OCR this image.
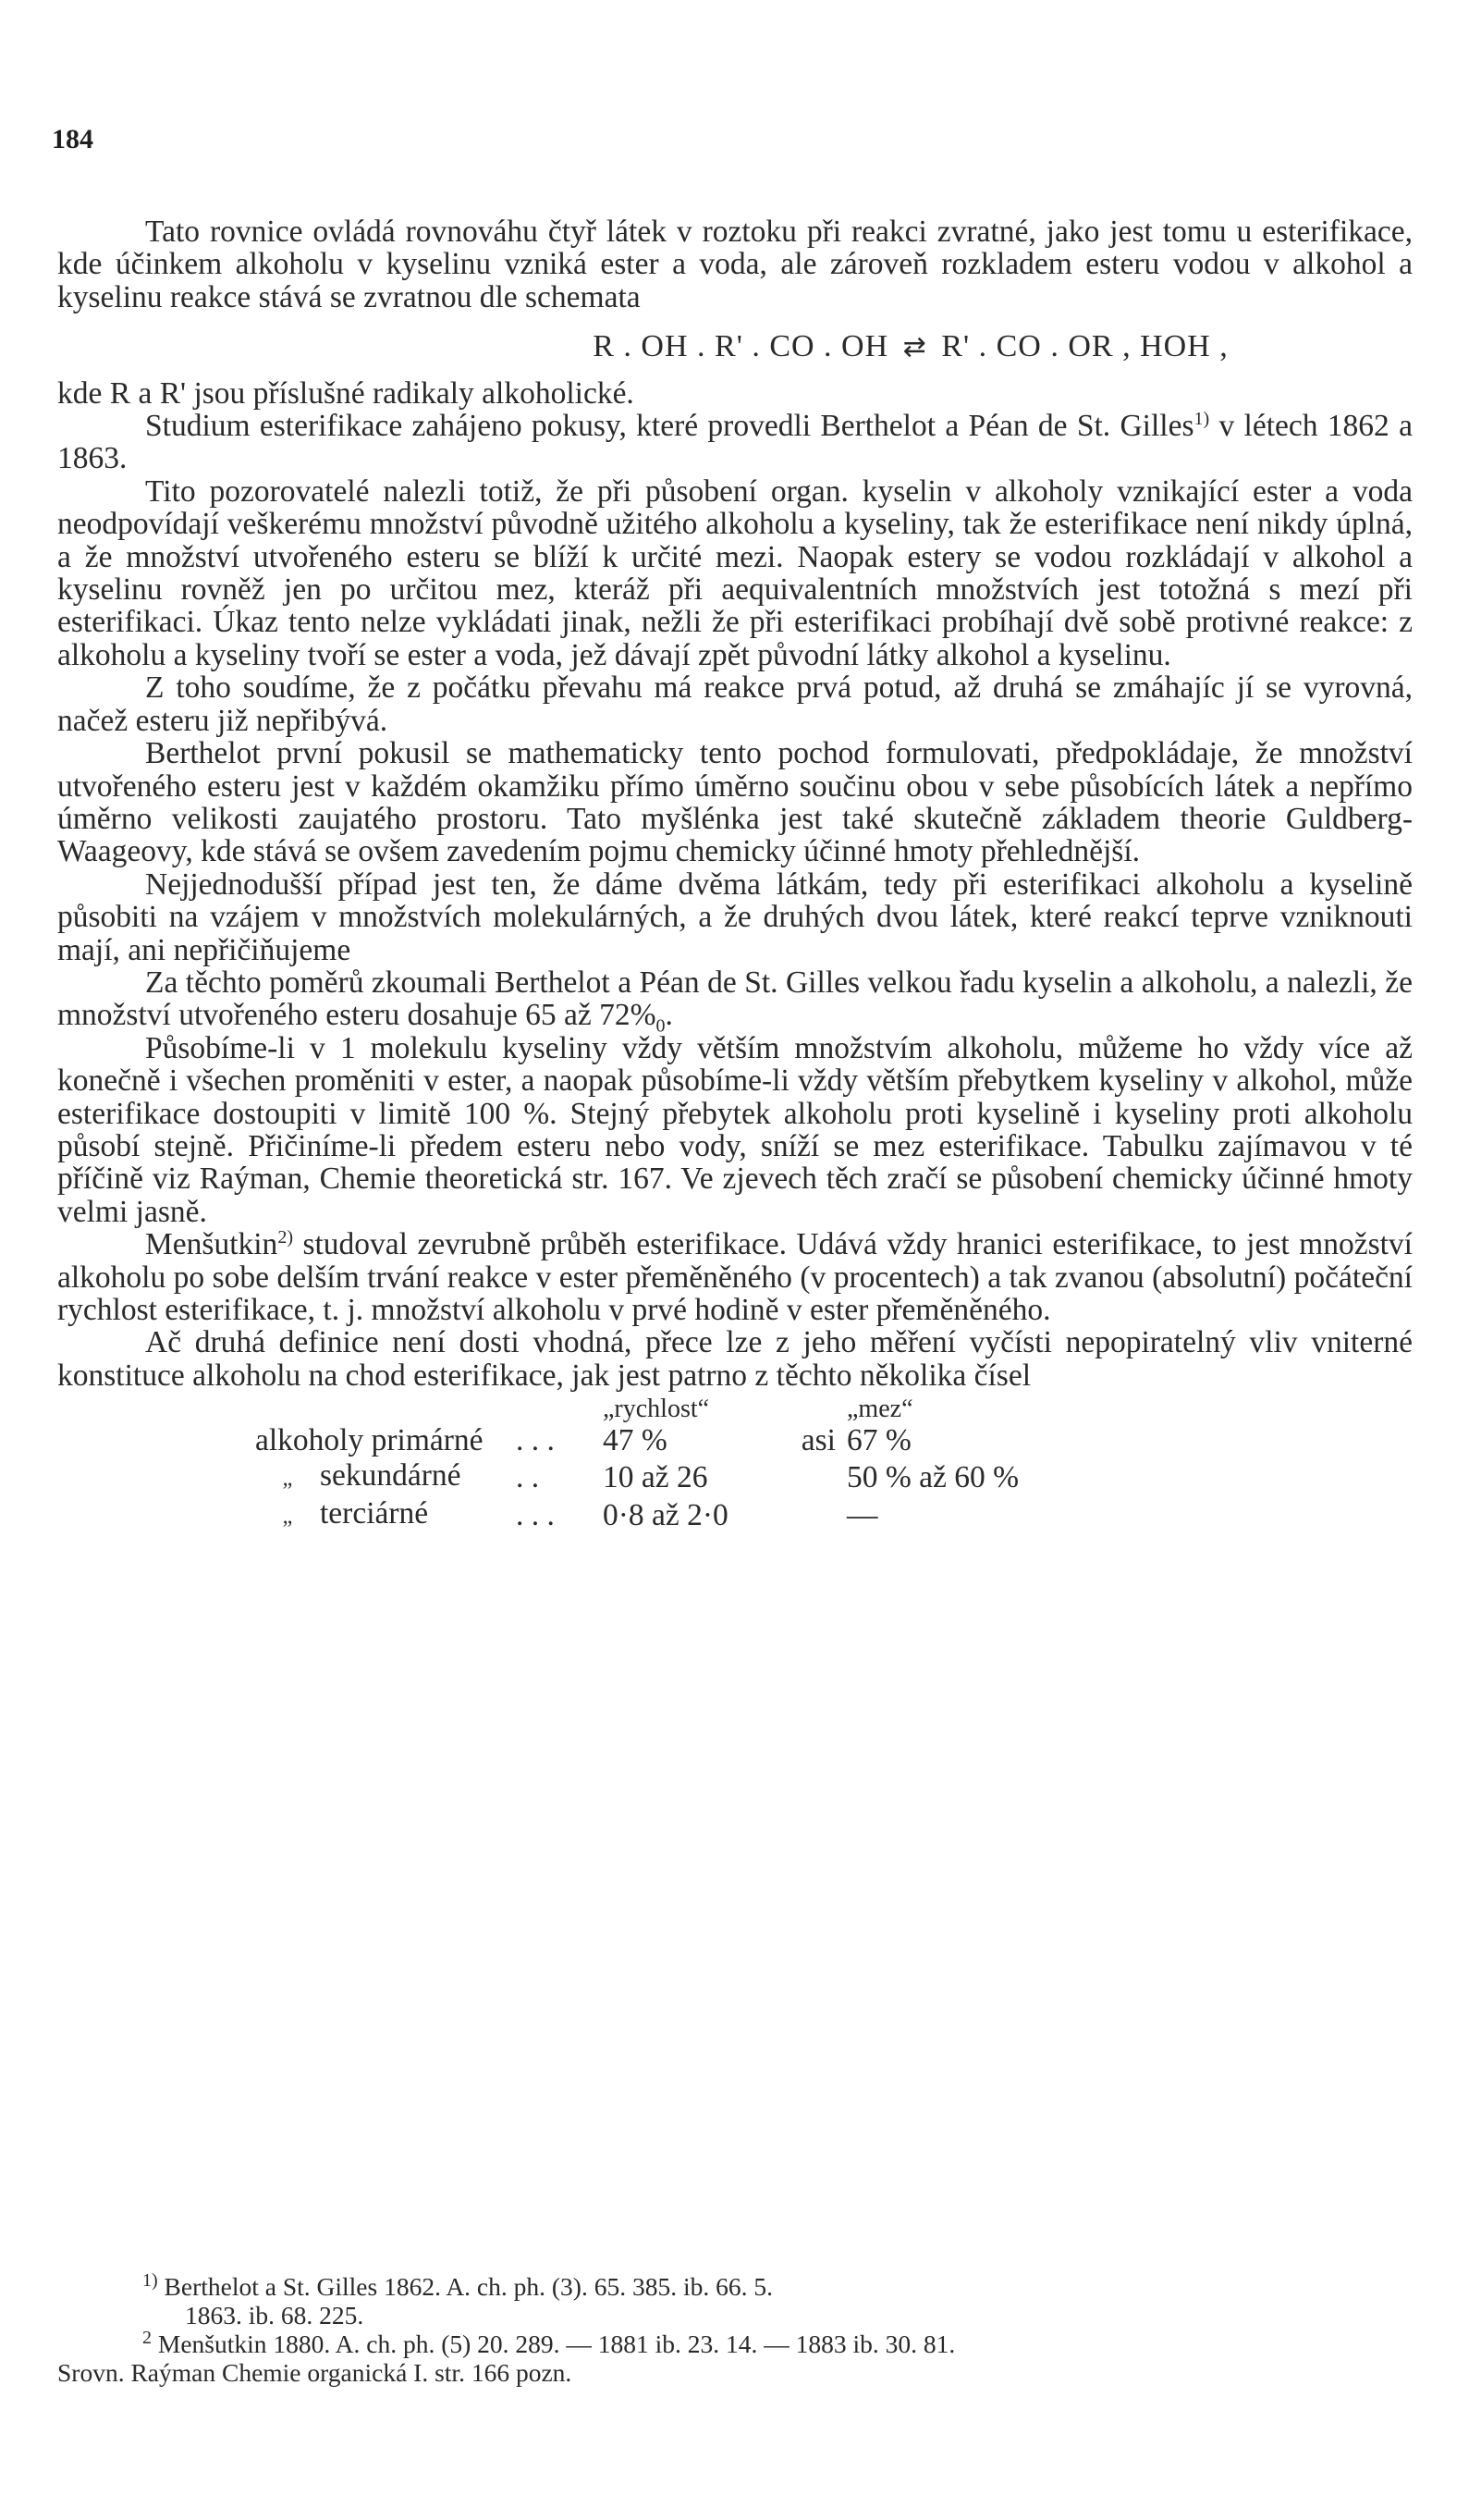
184

Tato rovnice ovládá rovnováhu čtyř látek v roztoku při reakci zvratné, jako jest tomu u esterifikace, kde účinkem alkoholu v kyselinu vzniká ester a voda, ale zároveň rozkladem esteru vodou v alkohol a kyselinu reakce stává se zvratnou dle schemata

R . OH . R' . CO . OH ⇄ R' . CO . OR , HOH ,

kde R a R' jsou příslušné radikaly alkoholické.

Studium esterifikace zahájeno pokusy, které provedli Berthelot a Péan de St. Gilles$^{1)}$ v létech 1862 a 1863.

Tito pozorovatelé nalezli totiž, že při působení organ. kyselin v alkoholy vznikající ester a voda neodpovídají veškerému množství původně užitého alkoholu a kyseliny, tak že esterifikace není nikdy úplná, a že množství utvořeného esteru se blíží k určité mezi. Naopak estery se vodou rozkládají v alkohol a kyselinu rovněž jen po určitou mez, kteráž při aequivalentních množstvích jest totožná s mezí při esterifikaci. Úkaz tento nelze vykládati jinak, nežli že při esterifikaci probíhají dvě sobě protivné reakce: z alkoholu a kyseliny tvoří se ester a voda, jež dávají zpět původní látky alkohol a kyselinu.

Z toho soudíme, že z počátku převahu má reakce prvá potud, až druhá se zmáhajíc jí se vyrovná, načež esteru již nepřibývá.

Berthelot první pokusil se mathematicky tento pochod formulovati, předpokládaje, že množství utvořeného esteru jest v každém okamžiku přímo úměrno součinu obou v sebe působících látek a nepřímo úměrno velikosti zaujatého prostoru. Tato myšlénka jest také skutečně základem theorie Guldberg-Waageovy, kde stává se ovšem zavedením pojmu chemicky účinné hmoty přehlednější.

Nejjednodušší případ jest ten, že dáme dvěma látkám, tedy při esterifikaci alkoholu a kyselině působiti na vzájem v množstvích molekulárných, a že druhých dvou látek, které reakcí teprve vzniknouti mají, ani nepřičiňujeme

Za těchto poměrů zkoumali Berthelot a Péan de St. Gilles velkou řadu kyselin a alkoholu, a nalezli, že množství utvořeného esteru dosahuje 65 až $72\%_0$.

Působíme-li v 1 molekulu kyseliny vždy větším množstvím alkoholu, můžeme ho vždy více až konečně i všechen proměniti v ester, a naopak působíme-li vždy větším přebytkem kyseliny v alkohol, může esterifikace dostoupiti v limitě 100 %. Stejný přebytek alkoholu proti kyselině i kyseliny proti alkoholu působí stejně. Přičiníme-li předem esteru nebo vody, sníží se mez esterifikace. Tabulku zajímavou v té příčině viz Raýman, Chemie theoretická str. 167. Ve zjevech těch zračí se působení chemicky účinné hmoty velmi jasně.

Menšutkin$^{2)}$ studoval zevrubně průběh esterifikace. Udává vždy hranici esterifikace, to jest množství alkoholu po sobe delším trvání reakce v ester přeměněného (v procentech) a tak zvanou (absolutní) počáteční rychlost esterifikace, t. j. množství alkoholu v prvé hodině v ester přeměněného.

Ač druhá definice není dosti vhodná, přece lze z jeho měření vyčísti nepopiratelný vliv vniterné konstituce alkoholu na chod esterifikace, jak jest patrno z těchto několika čísel

		„rychlost“		„mez“
alkoholy primárné	. . .	47 %	asi	67 %
„ sekundárné	. .	10 až 26		50 % až 60 %
„ terciárné	. . .	0·8 až 2·0		—

$^{1)}$ Berthelot a St. Gilles 1862. A. ch. ph. (3). 65. 385. ib. 66. 5.

1863. ib. 68. 225.

$^2$ Menšutkin 1880. A. ch. ph. (5) 20. 289. — 1881 ib. 23. 14. — 1883 ib. 30. 81.

Srovn. Raýman Chemie organická I. str. 166 pozn.
